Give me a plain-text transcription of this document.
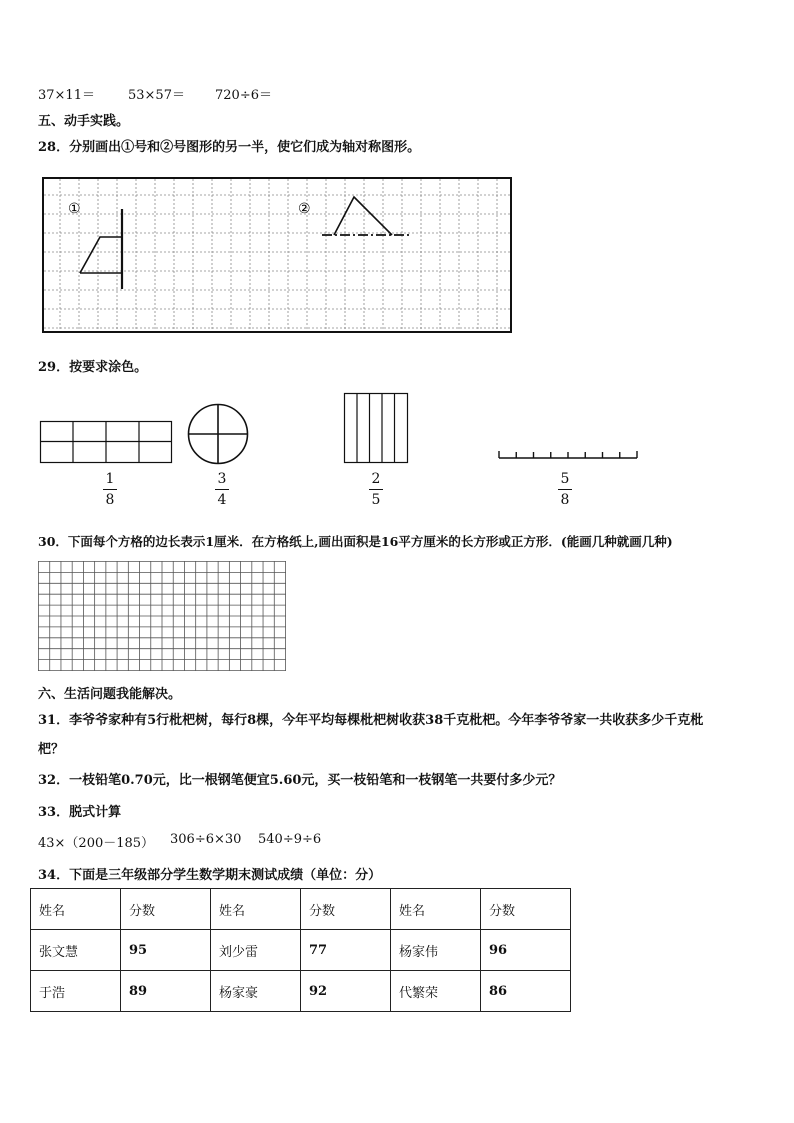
37×11＝	53×57＝ 720÷6＝
五、动手实践。
28．分别画出①号和②号图形的另一半，使它们成为轴对称图形。
①	②
29．按要求涂色。
1
8
3
4
2
5
5
8
30．下面每个方格的边长表示1厘米．在方格纸上,画出面积是16平方厘米的长方形或正方形．(能画几种就画几种)
六、生活问题我能解决。
31．李爷爷家种有5行枇杷树，每行8棵，今年平均每棵枇杷树收获38千克枇杷。今年李爷爷家一共收获多少千克枇
杷？
32．一枝铅笔0.70元，比一根钢笔便宜5.60元，买一枝铅笔和一枝钢笔一共要付多少元？
33．脱式计算
43×（200－185） 306÷6×30 540÷9÷6
34．下面是三年级部分学生数学期末测试成绩（单位：分）
姓名	分数	姓名	分数	姓名	分数
张文慧	95	刘少雷	77	杨家伟	96
于浩	89	杨家豪	92	代繁荣	86
